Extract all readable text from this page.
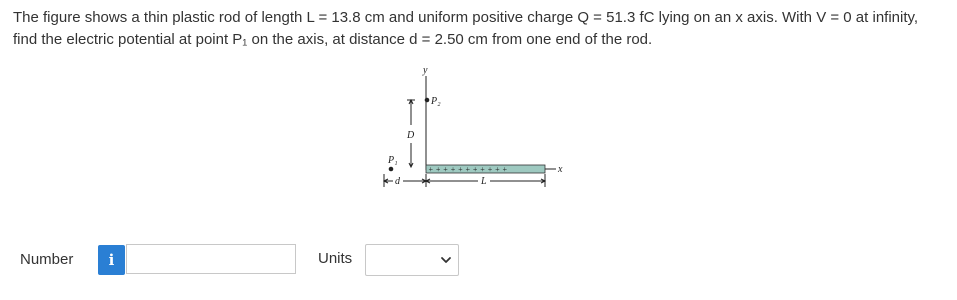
The figure shows a thin plastic rod of length L = 13.8 cm and uniform positive charge Q = 51.3 fC lying on an x axis. With V = 0 at infinity,
find the electric potential at point P₁ on the axis, at distance d = 2.50 cm from one end of the rod.
y
P₂
D
P₁
x
+ + + + + + + + + + +
d	L
Number	i	Units
